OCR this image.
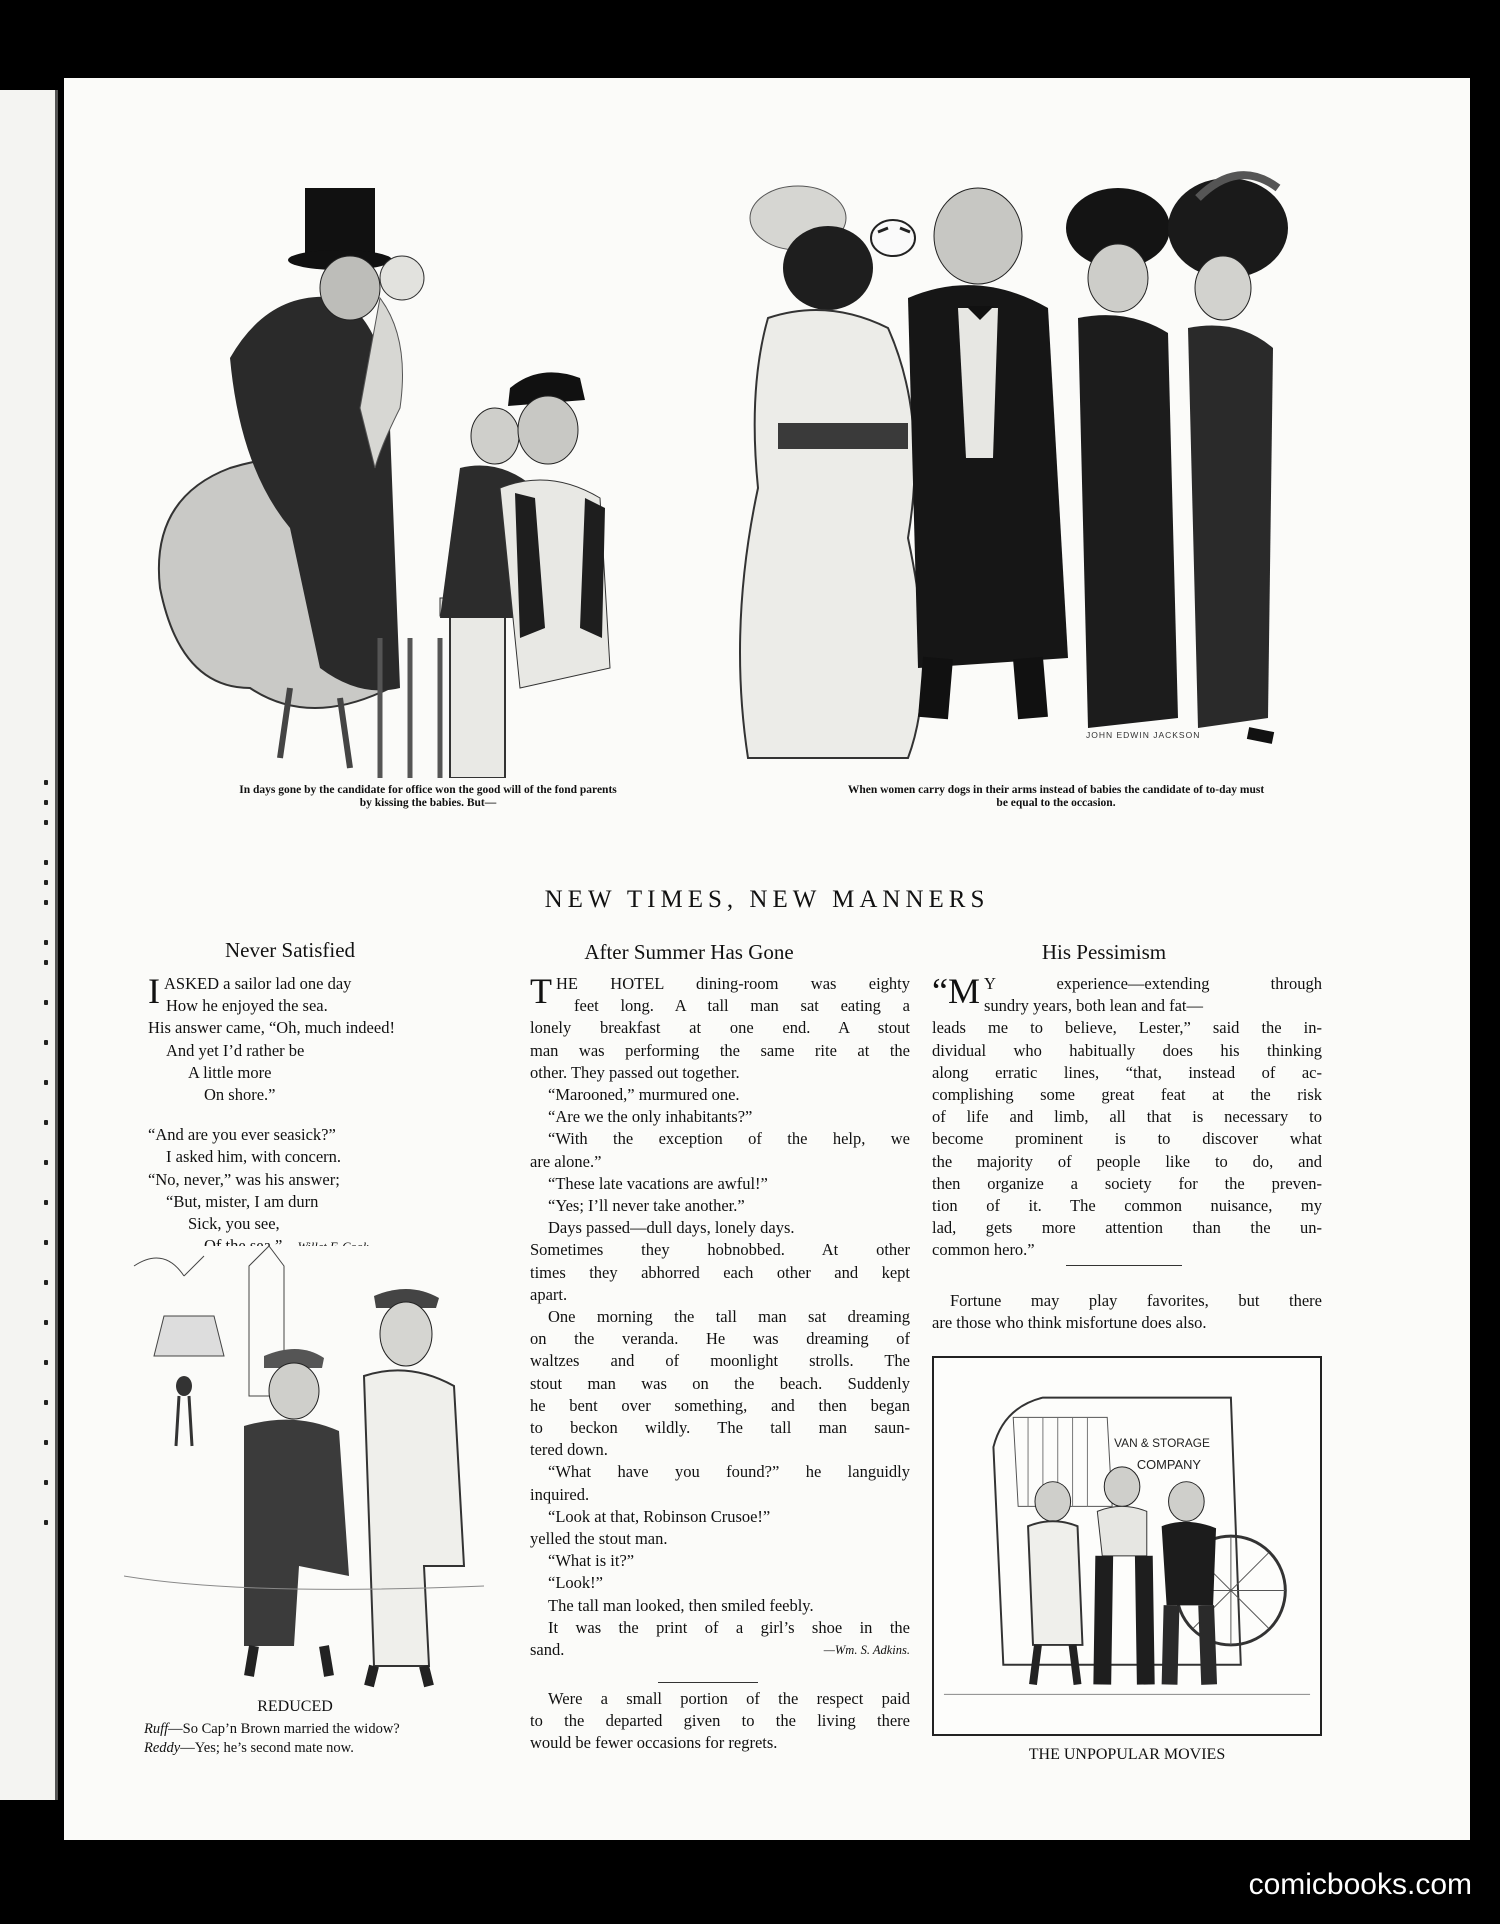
JOHN EDWIN JACKSON
In days gone by the candidate for office won the good will of the fond parents
by kissing the babies. But—
When women carry dogs in their arms instead of babies the candidate of to-day must
be equal to the occasion.
NEW TIMES, NEW MANNERS
Never Satisfied
IASKED a sailor lad one day
How he enjoyed the sea.
His answer came, “Oh, much indeed!
And yet I’d rather be
A little more
On shore.”
“And are you ever seasick?”
I asked him, with concern.
“No, never,” was his answer;
“But, mister, I am durn
Sick, you see,
REDUCED
Ruff—So Cap’n Brown married the widow?
Reddy—Yes; he’s second mate now.
After Summer Has Gone
THE HOTEL dining-room was eighty
feet long. A tall man sat eating a
lonely breakfast at one end. A stout
man was performing the same rite at the
other. They passed out together.
“Marooned,” murmured one.
“Are we the only inhabitants?”
“With the exception of the help, we
are alone.”
“These late vacations are awful!”
“Yes; I’ll never take another.”
Days passed—dull days, lonely days.
Sometimes they hobnobbed. At other
times they abhorred each other and kept
apart.
One morning the tall man sat dreaming
on the veranda. He was dreaming of
waltzes and of moonlight strolls. The
stout man was on the beach. Suddenly
he bent over something, and then began
to beckon wildly. The tall man saun-
tered down.
“What have you found?” he languidly
inquired.
“Look at that, Robinson Crusoe!”
yelled the stout man.
“What is it?”
“Look!”
The tall man looked, then smiled feebly.
It was the print of a girl’s shoe in the
sand.	—Wm. S. Adkins.
Were a small portion of the respect paid
to the departed given to the living there
would be fewer occasions for regrets.
His Pessimism
“M Y experience—extending through
sundry years, both lean and fat—
leads me to believe, Lester,” said the in-
dividual who habitually does his thinking
along erratic lines, “that, instead of ac-
complishing some great feat at the risk
of life and limb, all that is necessary to
become prominent is to discover what
the majority of people like to do, and
then organize a society for the preven-
tion of it. The common nuisance, my
lad, gets more attention than the un-
common hero.”
Fortune may play favorites, but there
are those who think misfortune does also.
VAN & STORAGE
COMPANY
THE UNPOPULAR MOVIES
comicbooks.com
